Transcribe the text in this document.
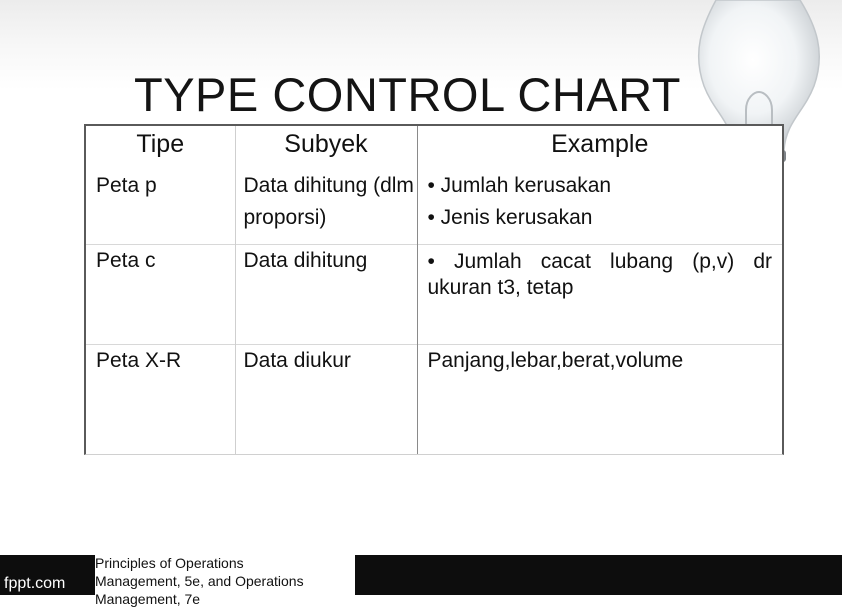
TYPE CONTROL CHART
Tipe	Subyek	Example
Peta p	Data dihitung (dlm proporsi)	• Jumlah kerusakan
• Jenis kerusakan

Peta c	Data dihitung	• Jumlah cacat lubang (p,v) dr ukuran t3, tetap
Peta X-R	Data diukur	Panjang,lebar,berat,volume
fppt.com
Principles of Operations
Management, 5e, and Operations
Management, 7e
